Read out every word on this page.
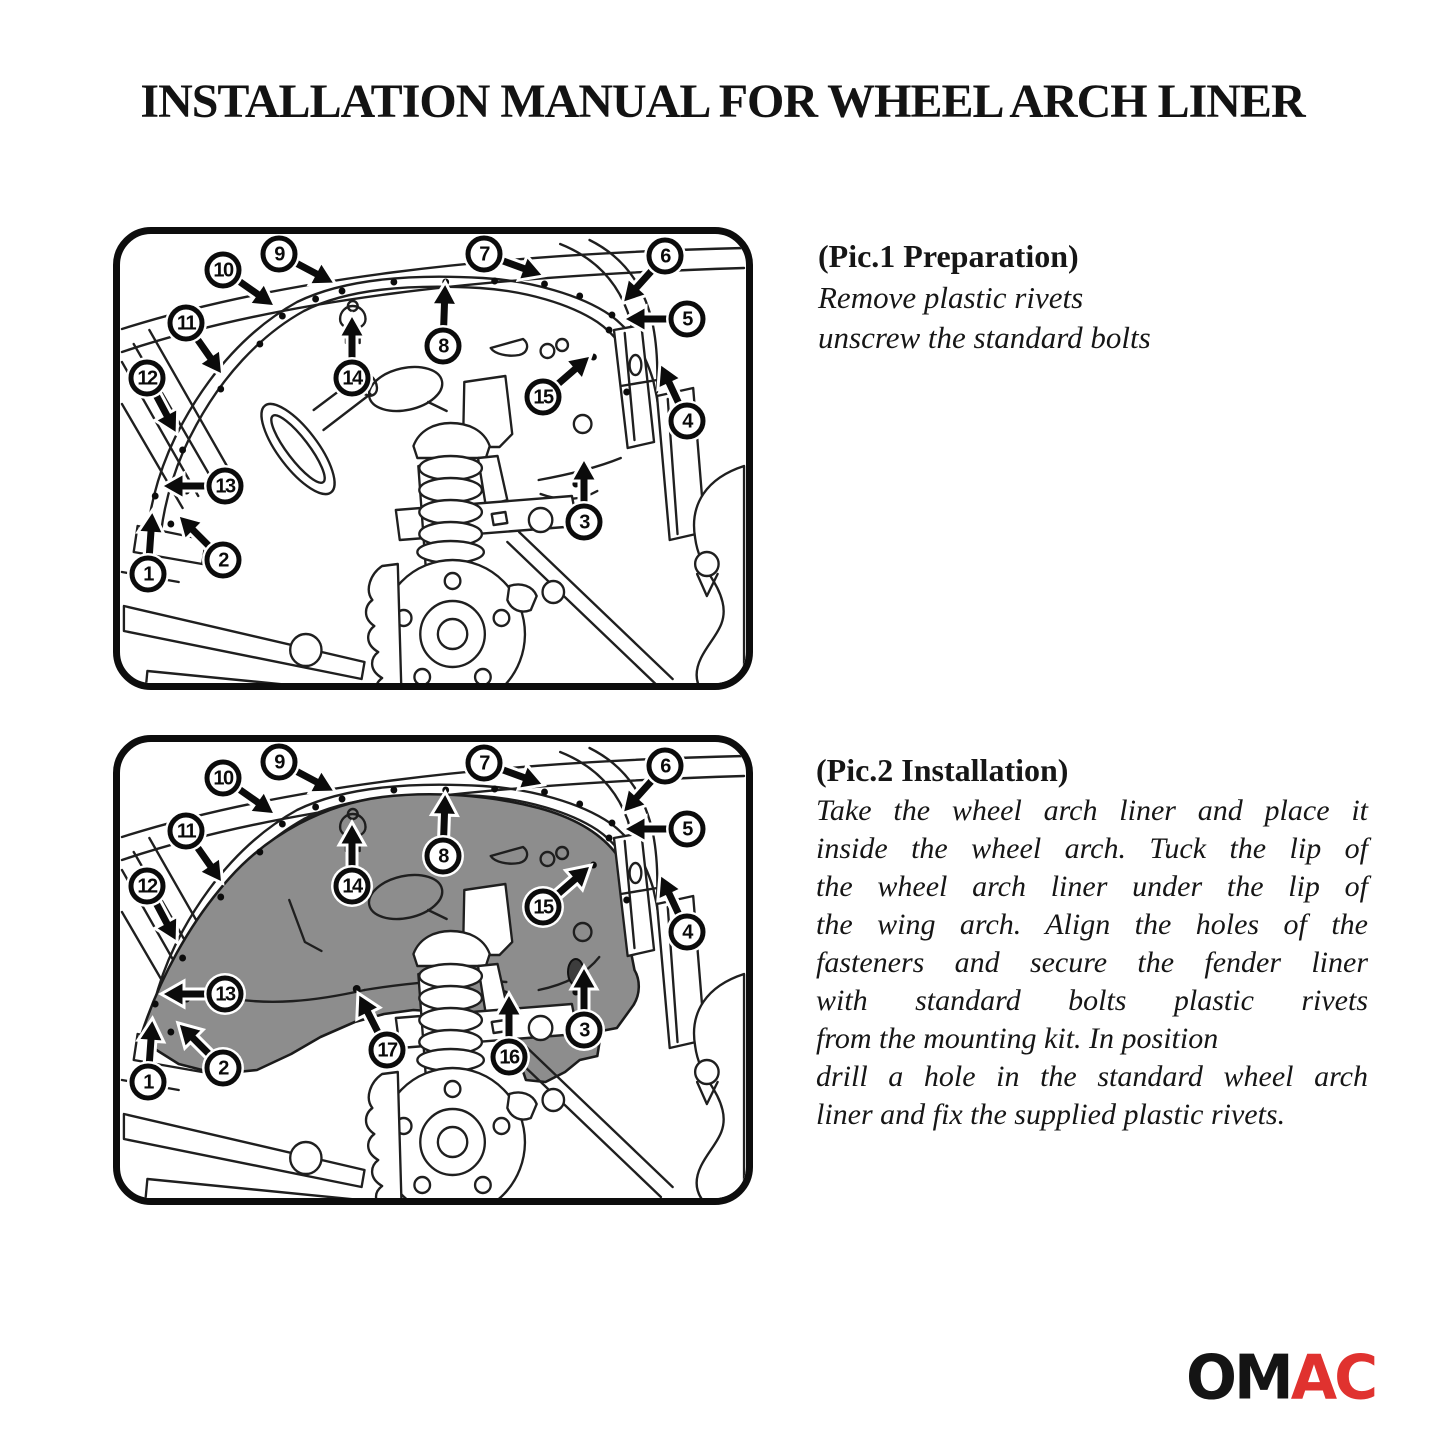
INSTALLATION MANUAL FOR WHEEL ARCH LINER
1
2
3
4
5
6
7
8
9
10
11
12
13
14
15
(Pic.1 Preparation)
Remove plastic rivets
unscrew the standard bolts
1
2
3
4
5
6
7
8
9
10
11
12
13
14
15
16
17
(Pic.2 Installation)
Take the wheel arch liner and place it
inside the wheel arch. Tuck the lip of
the wheel arch liner under the lip of
the wing arch. Align the holes of the
fasteners and secure the fender liner
with standard bolts plastic rivets
from the mounting kit. In position
drill a hole in the standard wheel arch
liner and fix the supplied plastic rivets.
OMAC
